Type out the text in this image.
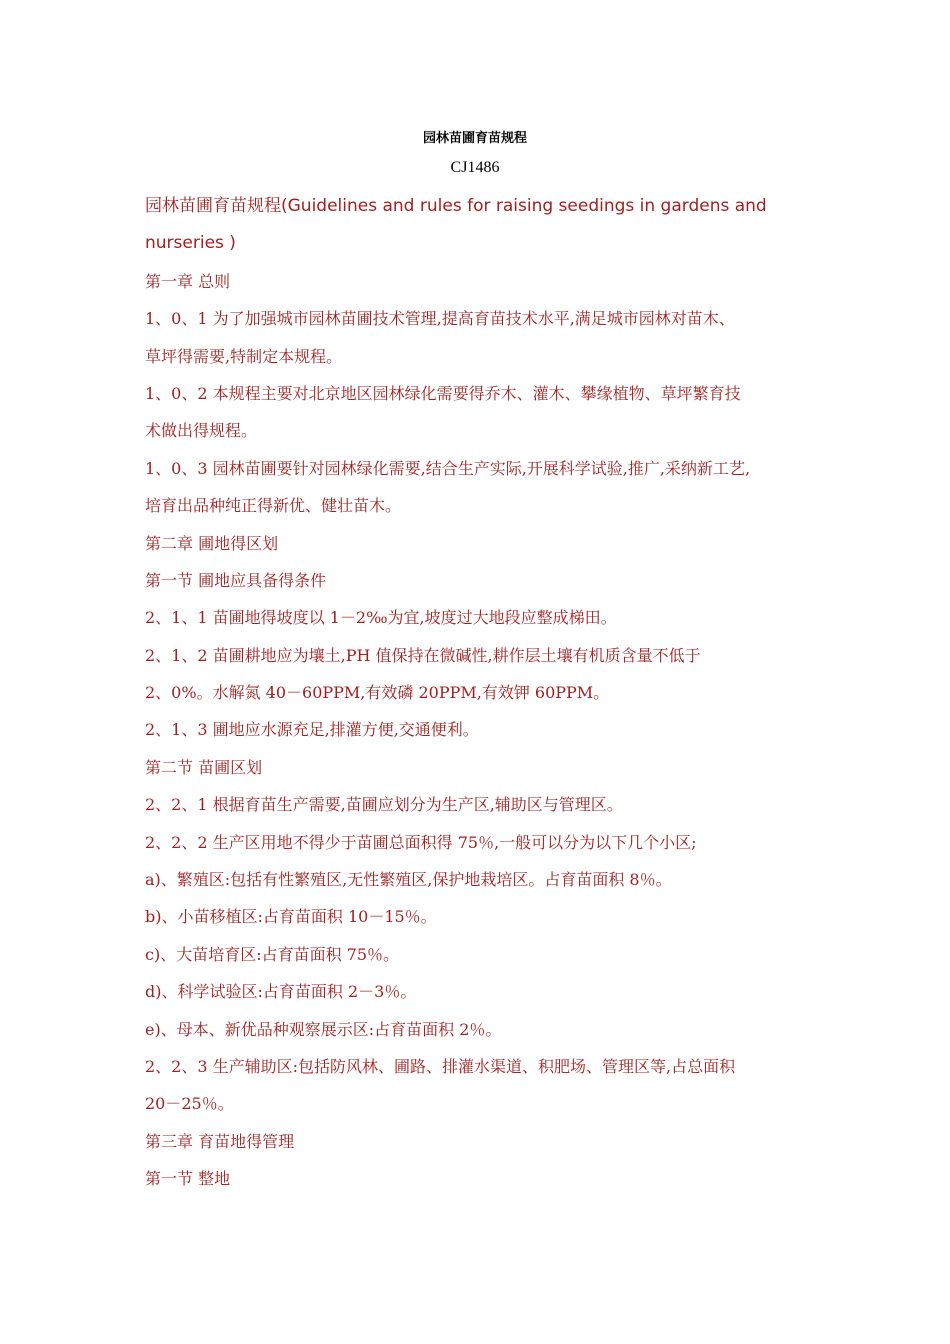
园林苗圃育苗规程
CJ1486
园林苗圃育苗规程(Guidelines and rules for raising seedings in gardens and
nurseries )
第一章 总则
1、0、1 为了加强城市园林苗圃技术管理,提高育苗技术水平,满足城市园林对苗木、
草坪得需要,特制定本规程。
1、0、2 本规程主要对北京地区园林绿化需要得乔木、灌木、攀缘植物、草坪繁育技
术做出得规程。
1、0、3 园林苗圃要针对园林绿化需要,结合生产实际,开展科学试验,推广,采纳新工艺,
培育出品种纯正得新优、健壮苗木。
第二章 圃地得区划
第一节 圃地应具备得条件
2、1、1 苗圃地得坡度以 1－2‰为宜,坡度过大地段应整成梯田。
2、1、2 苗圃耕地应为壤土,PH 值保持在微碱性,耕作层土壤有机质含量不低于
2、0%。水解氮 40－60PPM,有效磷 20PPM,有效钾 60PPM。
2、1、3 圃地应水源充足,排灌方便,交通便利。
第二节 苗圃区划
2、2、1 根据育苗生产需要,苗圃应划分为生产区,辅助区与管理区。
2、2、2 生产区用地不得少于苗圃总面积得 75％,一般可以分为以下几个小区;
a)、繁殖区:包括有性繁殖区,无性繁殖区,保护地栽培区。占育苗面积 8％。
b)、小苗移植区:占育苗面积 10－15％。
c)、大苗培育区:占育苗面积 75％。
d)、科学试验区:占育苗面积 2－3％。
e)、母本、新优品种观察展示区:占育苗面积 2％。
2、2、3 生产辅助区:包括防风林、圃路、排灌水渠道、积肥场、管理区等,占总面积
20－25％。
第三章 育苗地得管理
第一节 整地
